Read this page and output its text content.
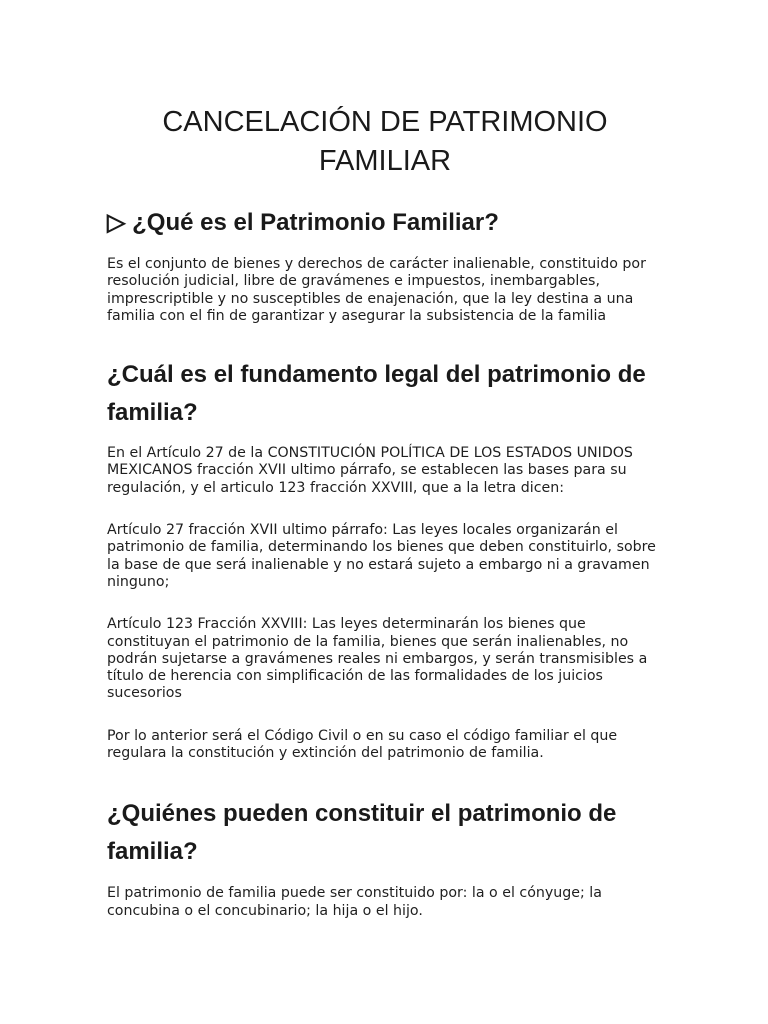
CANCELACIÓN DE PATRIMONIO FAMILIAR
▷ ¿Qué es el Patrimonio Familiar?

Es el conjunto de bienes y derechos de carácter inalienable, constituido por resolución judicial, libre de gravámenes e impuestos, inembargables, imprescriptible y no susceptibles de enajenación, que la ley destina a una familia con el fin de garantizar y asegurar la subsistencia de la familia

¿Cuál es el fundamento legal del patrimonio de familia?

En el Artículo 27 de la CONSTITUCIÓN POLÍTICA DE LOS ESTADOS UNIDOS MEXICANOS fracción XVII ultimo párrafo, se establecen las bases para su regulación, y el articulo 123 fracción XXVIII, que a la letra dicen:

Artículo 27 fracción XVII ultimo párrafo: Las leyes locales organizarán el patrimonio de familia, determinando los bienes que deben constituirlo, sobre la base de que será inalienable y no estará sujeto a embargo ni a gravamen ninguno;

Artículo 123 Fracción XXVIII: Las leyes determinarán los bienes que constituyan el patrimonio de la familia, bienes que serán inalienables, no podrán sujetarse a gravámenes reales ni embargos, y serán transmisibles a título de herencia con simplificación de las formalidades de los juicios sucesorios

Por lo anterior será el Código Civil o en su caso el código familiar el que regulara la constitución y extinción del patrimonio de familia.

¿Quiénes pueden constituir el patrimonio de familia?

El patrimonio de familia puede ser constituido por: la o el cónyuge; la concubina o el concubinario; la hija o el hijo.
